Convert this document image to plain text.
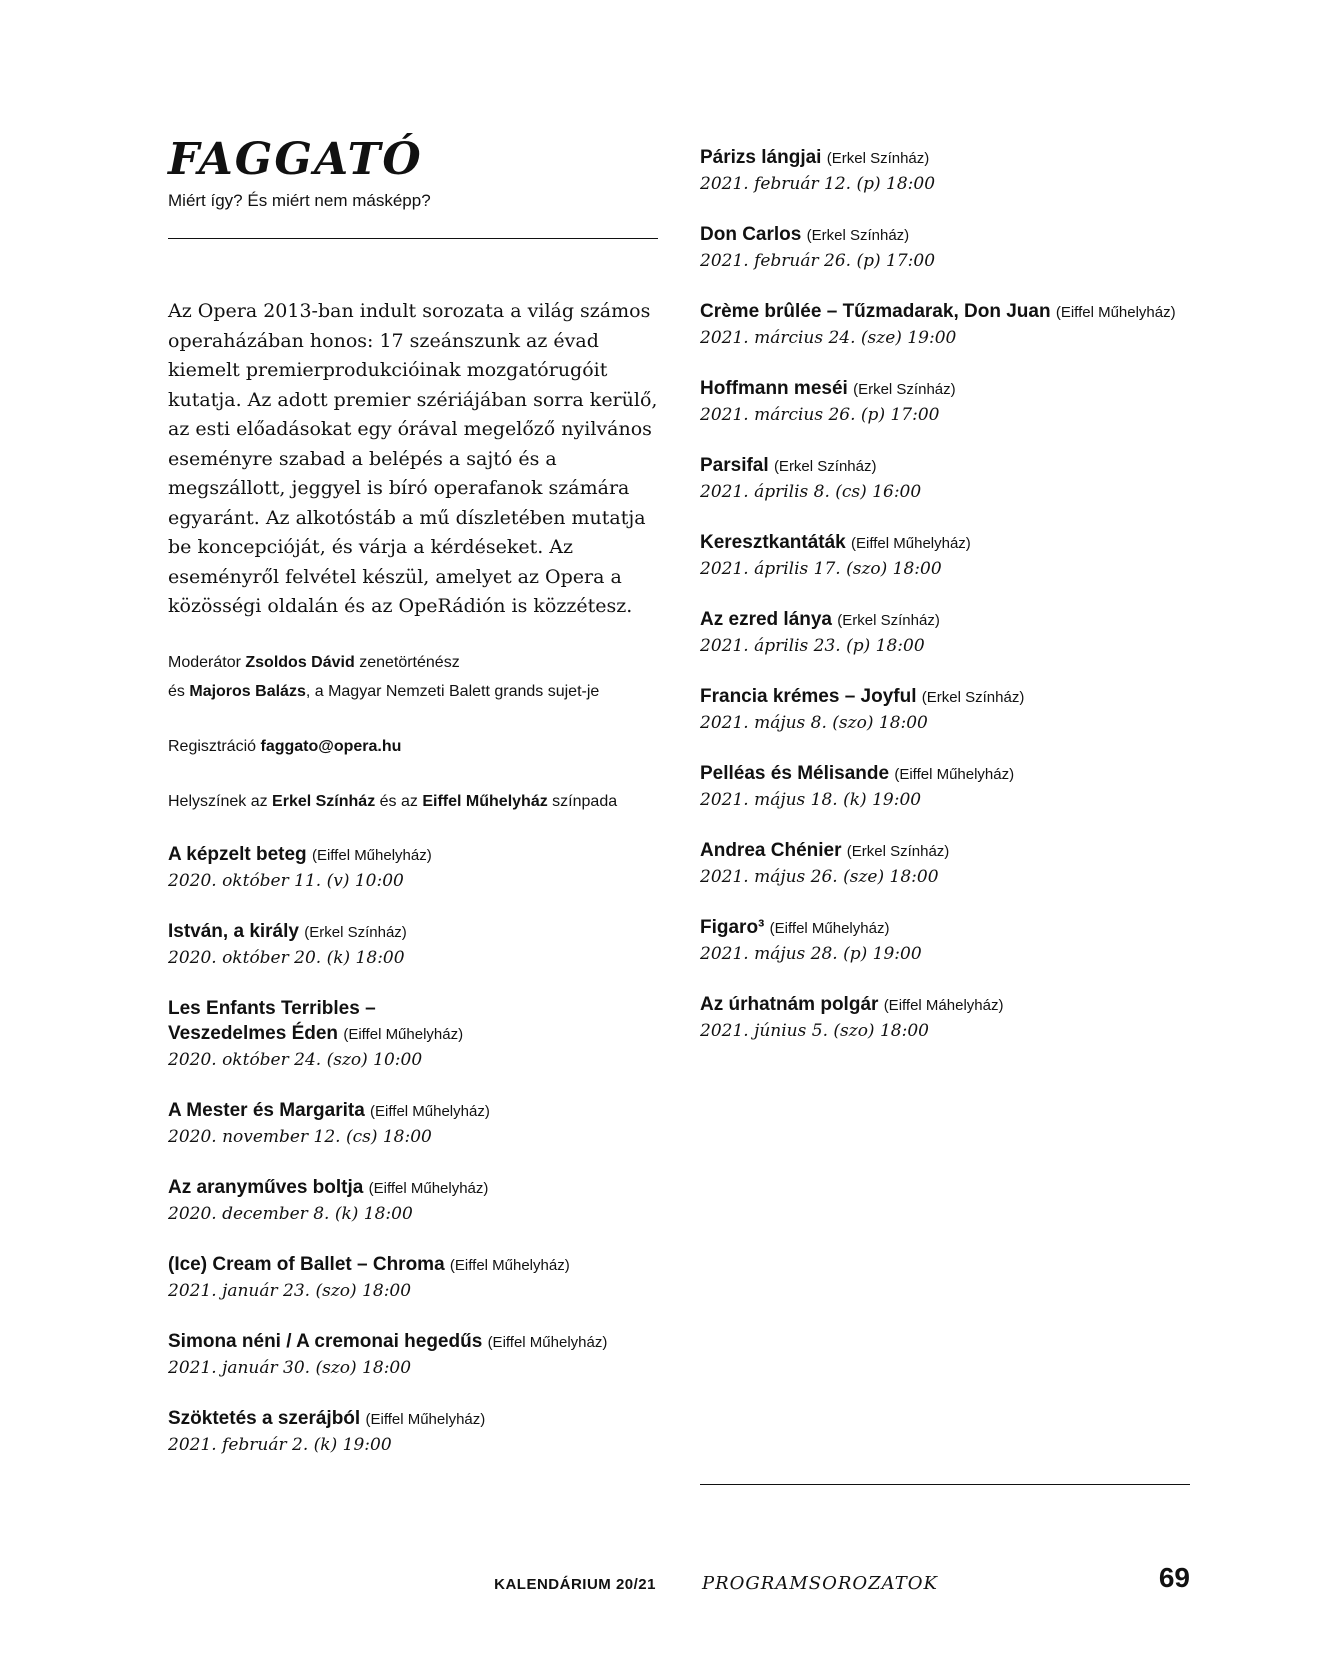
FAGGATÓ
Miért így? És miért nem másképp?

Az Opera 2013-ban indult sorozata a világ számos operaházában honos: 17 szeánszunk az évad kiemelt premierprodukcióinak mozgatórugóit kutatja. Az adott premier szériájában sorra kerülő, az esti előadásokat egy órával megelőző nyilvános eseményre szabad a belépés a sajtó és a megszállott, jeggyel is bíró operafanok számára egyaránt. Az alkotóstáb a mű díszletében mutatja be koncepcióját, és várja a kérdéseket. Az eseményről felvétel készül, amelyet az Opera a közösségi oldalán és az OpeRádión is közzétesz.

Moderátor Zsoldos Dávid zenetörténész
és Majoros Balázs, a Magyar Nemzeti Balett grands sujet-je
Regisztráció faggato@opera.hu
Helyszínek az Erkel Színház és az Eiffel Műhelyház színpada
A képzelt beteg (Eiffel Műhelyház)
2020. október 11. (v) 10:00
István, a király (Erkel Színház)
2020. október 20. (k) 18:00
Les Enfants Terribles –
Veszedelmes Éden (Eiffel Műhelyház)
2020. október 24. (szo) 10:00
A Mester és Margarita (Eiffel Műhelyház)
2020. november 12. (cs) 18:00
Az aranyműves boltja (Eiffel Műhelyház)
2020. december 8. (k) 18:00
(Ice) Cream of Ballet – Chroma (Eiffel Műhelyház)
2021. január 23. (szo) 18:00
Simona néni / A cremonai hegedűs (Eiffel Műhelyház)
2021. január 30. (szo) 18:00
Szöktetés a szerájból (Eiffel Műhelyház)
2021. február 2. (k) 19:00
Párizs lángjai (Erkel Színház)
2021. február 12. (p) 18:00
Don Carlos (Erkel Színház)
2021. február 26. (p) 17:00
Crème brûlée – Tűzmadarak, Don Juan (Eiffel Műhelyház)
2021. március 24. (sze) 19:00
Hoffmann meséi (Erkel Színház)
2021. március 26. (p) 17:00
Parsifal (Erkel Színház)
2021. április 8. (cs) 16:00
Keresztkantáták (Eiffel Műhelyház)
2021. április 17. (szo) 18:00
Az ezred lánya (Erkel Színház)
2021. április 23. (p) 18:00
Francia krémes – Joyful (Erkel Színház)
2021. május 8. (szo) 18:00
Pelléas és Mélisande (Eiffel Műhelyház)
2021. május 18. (k) 19:00
Andrea Chénier (Erkel Színház)
2021. május 26. (sze) 18:00
Figaro³ (Eiffel Műhelyház)
2021. május 28. (p) 19:00
Az úrhatnám polgár (Eiffel Máhelyház)
2021. június 5. (szo) 18:00
KALENDÁRIUM 20/21	PROGRAMSOROZATOK	69
